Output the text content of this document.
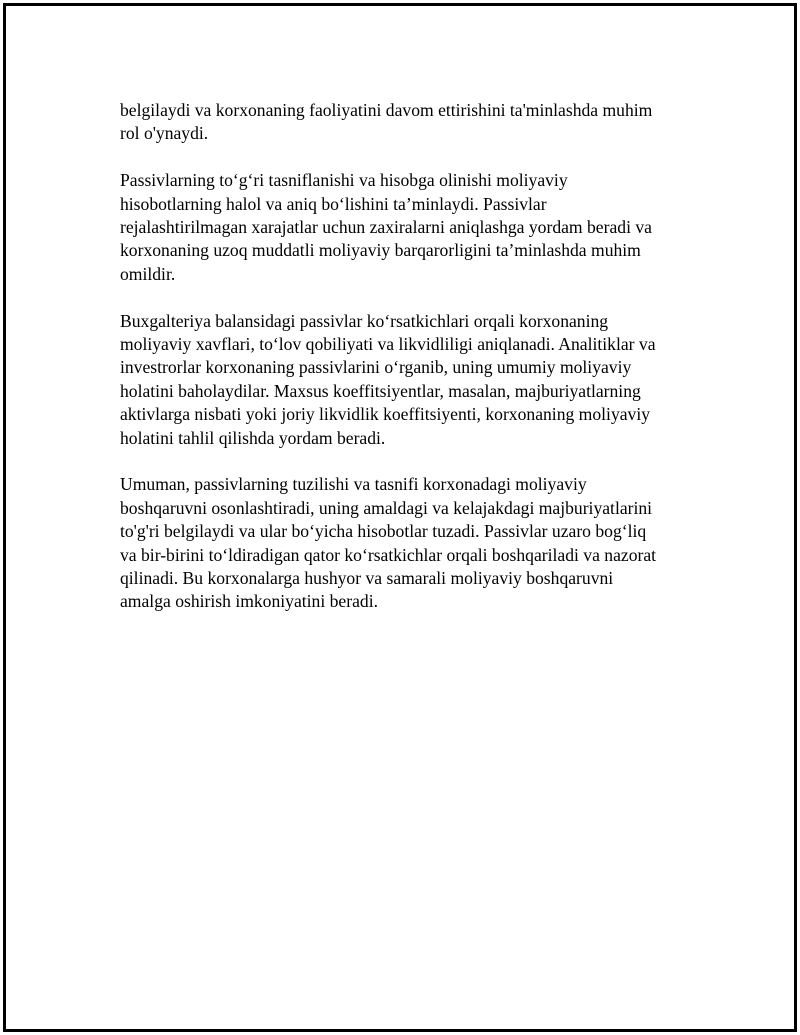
belgilaydi va korxonaning faoliyatini davom ettirishini ta'minlashda muhim
rol o'ynaydi.

Passivlarning to‘g‘ri tasniflanishi va hisobga olinishi moliyaviy
hisobotlarning halol va aniq bo‘lishini ta’minlaydi. Passivlar
rejalashtirilmagan xarajatlar uchun zaxiralarni aniqlashga yordam beradi va
korxonaning uzoq muddatli moliyaviy barqarorligini ta’minlashda muhim
omildir.

Buxgalteriya balansidagi passivlar ko‘rsatkichlari orqali korxonaning
moliyaviy xavflari, to‘lov qobiliyati va likvidliligi aniqlanadi. Analitiklar va
investrorlar korxonaning passivlarini o‘rganib, uning umumiy moliyaviy
holatini baholaydilar. Maxsus koeffitsiyentlar, masalan, majburiyatlarning
aktivlarga nisbati yoki joriy likvidlik koeffitsiyenti, korxonaning moliyaviy
holatini tahlil qilishda yordam beradi.

Umuman, passivlarning tuzilishi va tasnifi korxonadagi moliyaviy
boshqaruvni osonlashtiradi, uning amaldagi va kelajakdagi majburiyatlarini
to'g'ri belgilaydi va ular bo‘yicha hisobotlar tuzadi. Passivlar uzaro bog‘liq
va bir-birini to‘ldiradigan qator ko‘rsatkichlar orqali boshqariladi va nazorat
qilinadi. Bu korxonalarga hushyor va samarali moliyaviy boshqaruvni
amalga oshirish imkoniyatini beradi.
